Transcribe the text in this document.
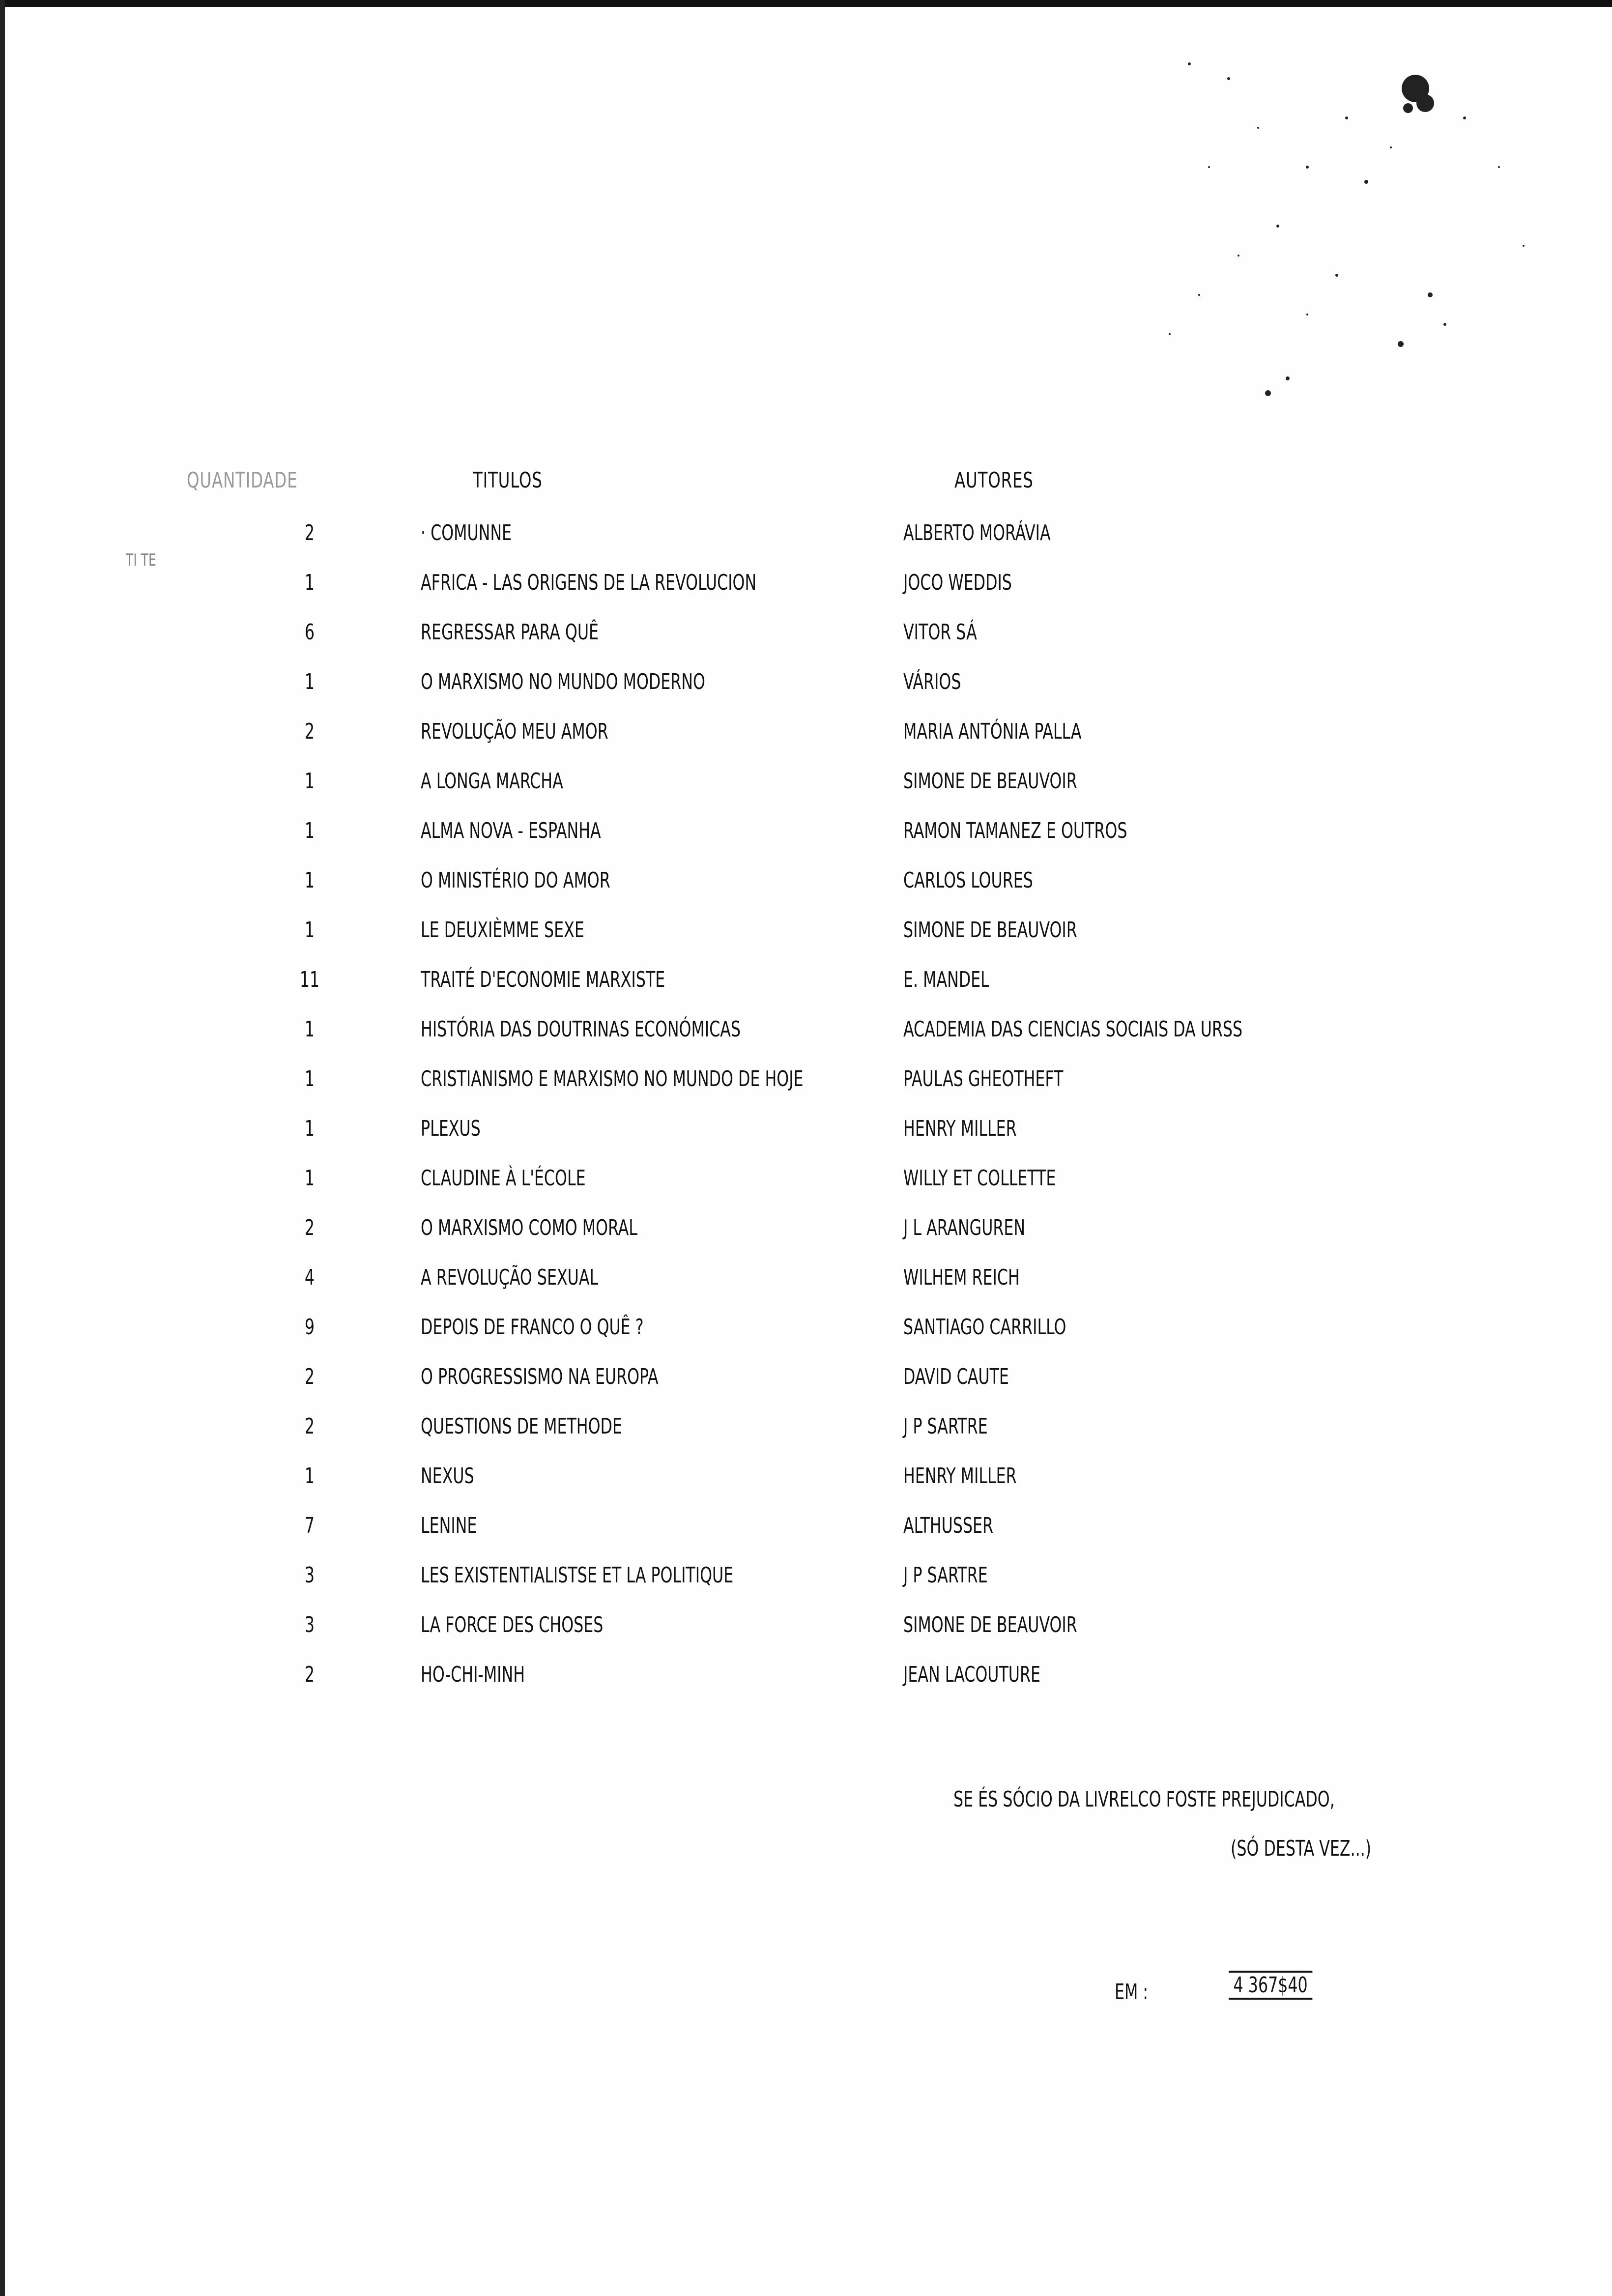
QUANTIDADE	TITULOS	AUTORES
TI TE
2	· COMUNNE	ALBERTO MORÁVIA
1	AFRICA - LAS ORIGENS DE LA REVOLUCION	JOCO WEDDIS
6	REGRESSAR PARA QUÊ	VITOR SÁ
1	O MARXISMO NO MUNDO MODERNO	VÁRIOS
2	REVOLUÇÃO MEU AMOR	MARIA ANTÓNIA PALLA
1	A LONGA MARCHA	SIMONE DE BEAUVOIR
1	ALMA NOVA - ESPANHA	RAMON TAMANEZ E OUTROS
1	O MINISTÉRIO DO AMOR	CARLOS LOURES
1	LE DEUXIÈMME SEXE	SIMONE DE BEAUVOIR
11	TRAITÉ D'ECONOMIE MARXISTE	E. MANDEL
1	HISTÓRIA DAS DOUTRINAS ECONÓMICAS	ACADEMIA DAS CIENCIAS SOCIAIS DA URSS
1	CRISTIANISMO E MARXISMO NO MUNDO DE HOJE	PAULAS GHEOTHEFT
1	PLEXUS	HENRY MILLER
1	CLAUDINE À L'ÉCOLE	WILLY ET COLLETTE
2	O MARXISMO COMO MORAL	J L ARANGUREN
4	A REVOLUÇÃO SEXUAL	WILHEM REICH
9	DEPOIS DE FRANCO O QUÊ ?	SANTIAGO CARRILLO
2	O PROGRESSISMO NA EUROPA	DAVID CAUTE
2	QUESTIONS DE METHODE	J P SARTRE
1	NEXUS	HENRY MILLER
7	LENINE	ALTHUSSER
3	LES EXISTENTIALISTSE ET LA POLITIQUE	J P SARTRE
3	LA FORCE DES CHOSES	SIMONE DE BEAUVOIR
2	HO-CHI-MINH	JEAN LACOUTURE
SE ÉS SÓCIO DA LIVRELCO FOSTE PREJUDICADO,
(SÓ DESTA VEZ...)
EM :	4 367$40
